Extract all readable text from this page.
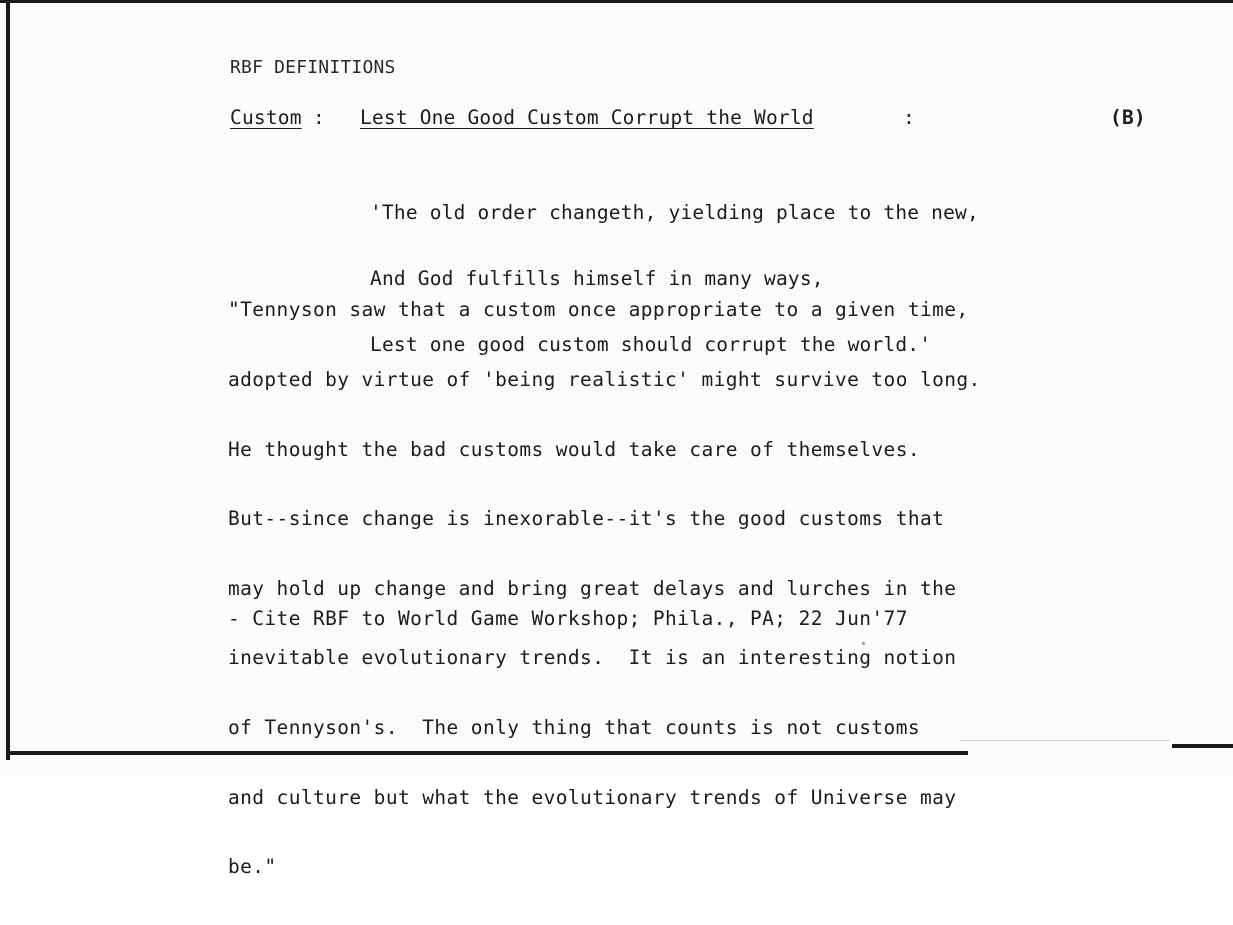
RBF DEFINITIONS
Custom : Lest One Good Custom Corrupt the World	:	(B)

'The old order changeth, yielding place to the new,

And God fulfills himself in many ways,

Lest one good custom should corrupt the world.'

"Tennyson saw that a custom once appropriate to a given time,

adopted by virtue of 'being realistic' might survive too long.

He thought the bad customs would take care of themselves.

But--since change is inexorable--it's the good customs that

may hold up change and bring great delays and lurches in the

inevitable evolutionary trends.  It is an interesting notion

of Tennyson's.  The only thing that counts is not customs

and culture but what the evolutionary trends of Universe may

be."

- Cite RBF to World Game Workshop; Phila., PA; 22 Jun'77
